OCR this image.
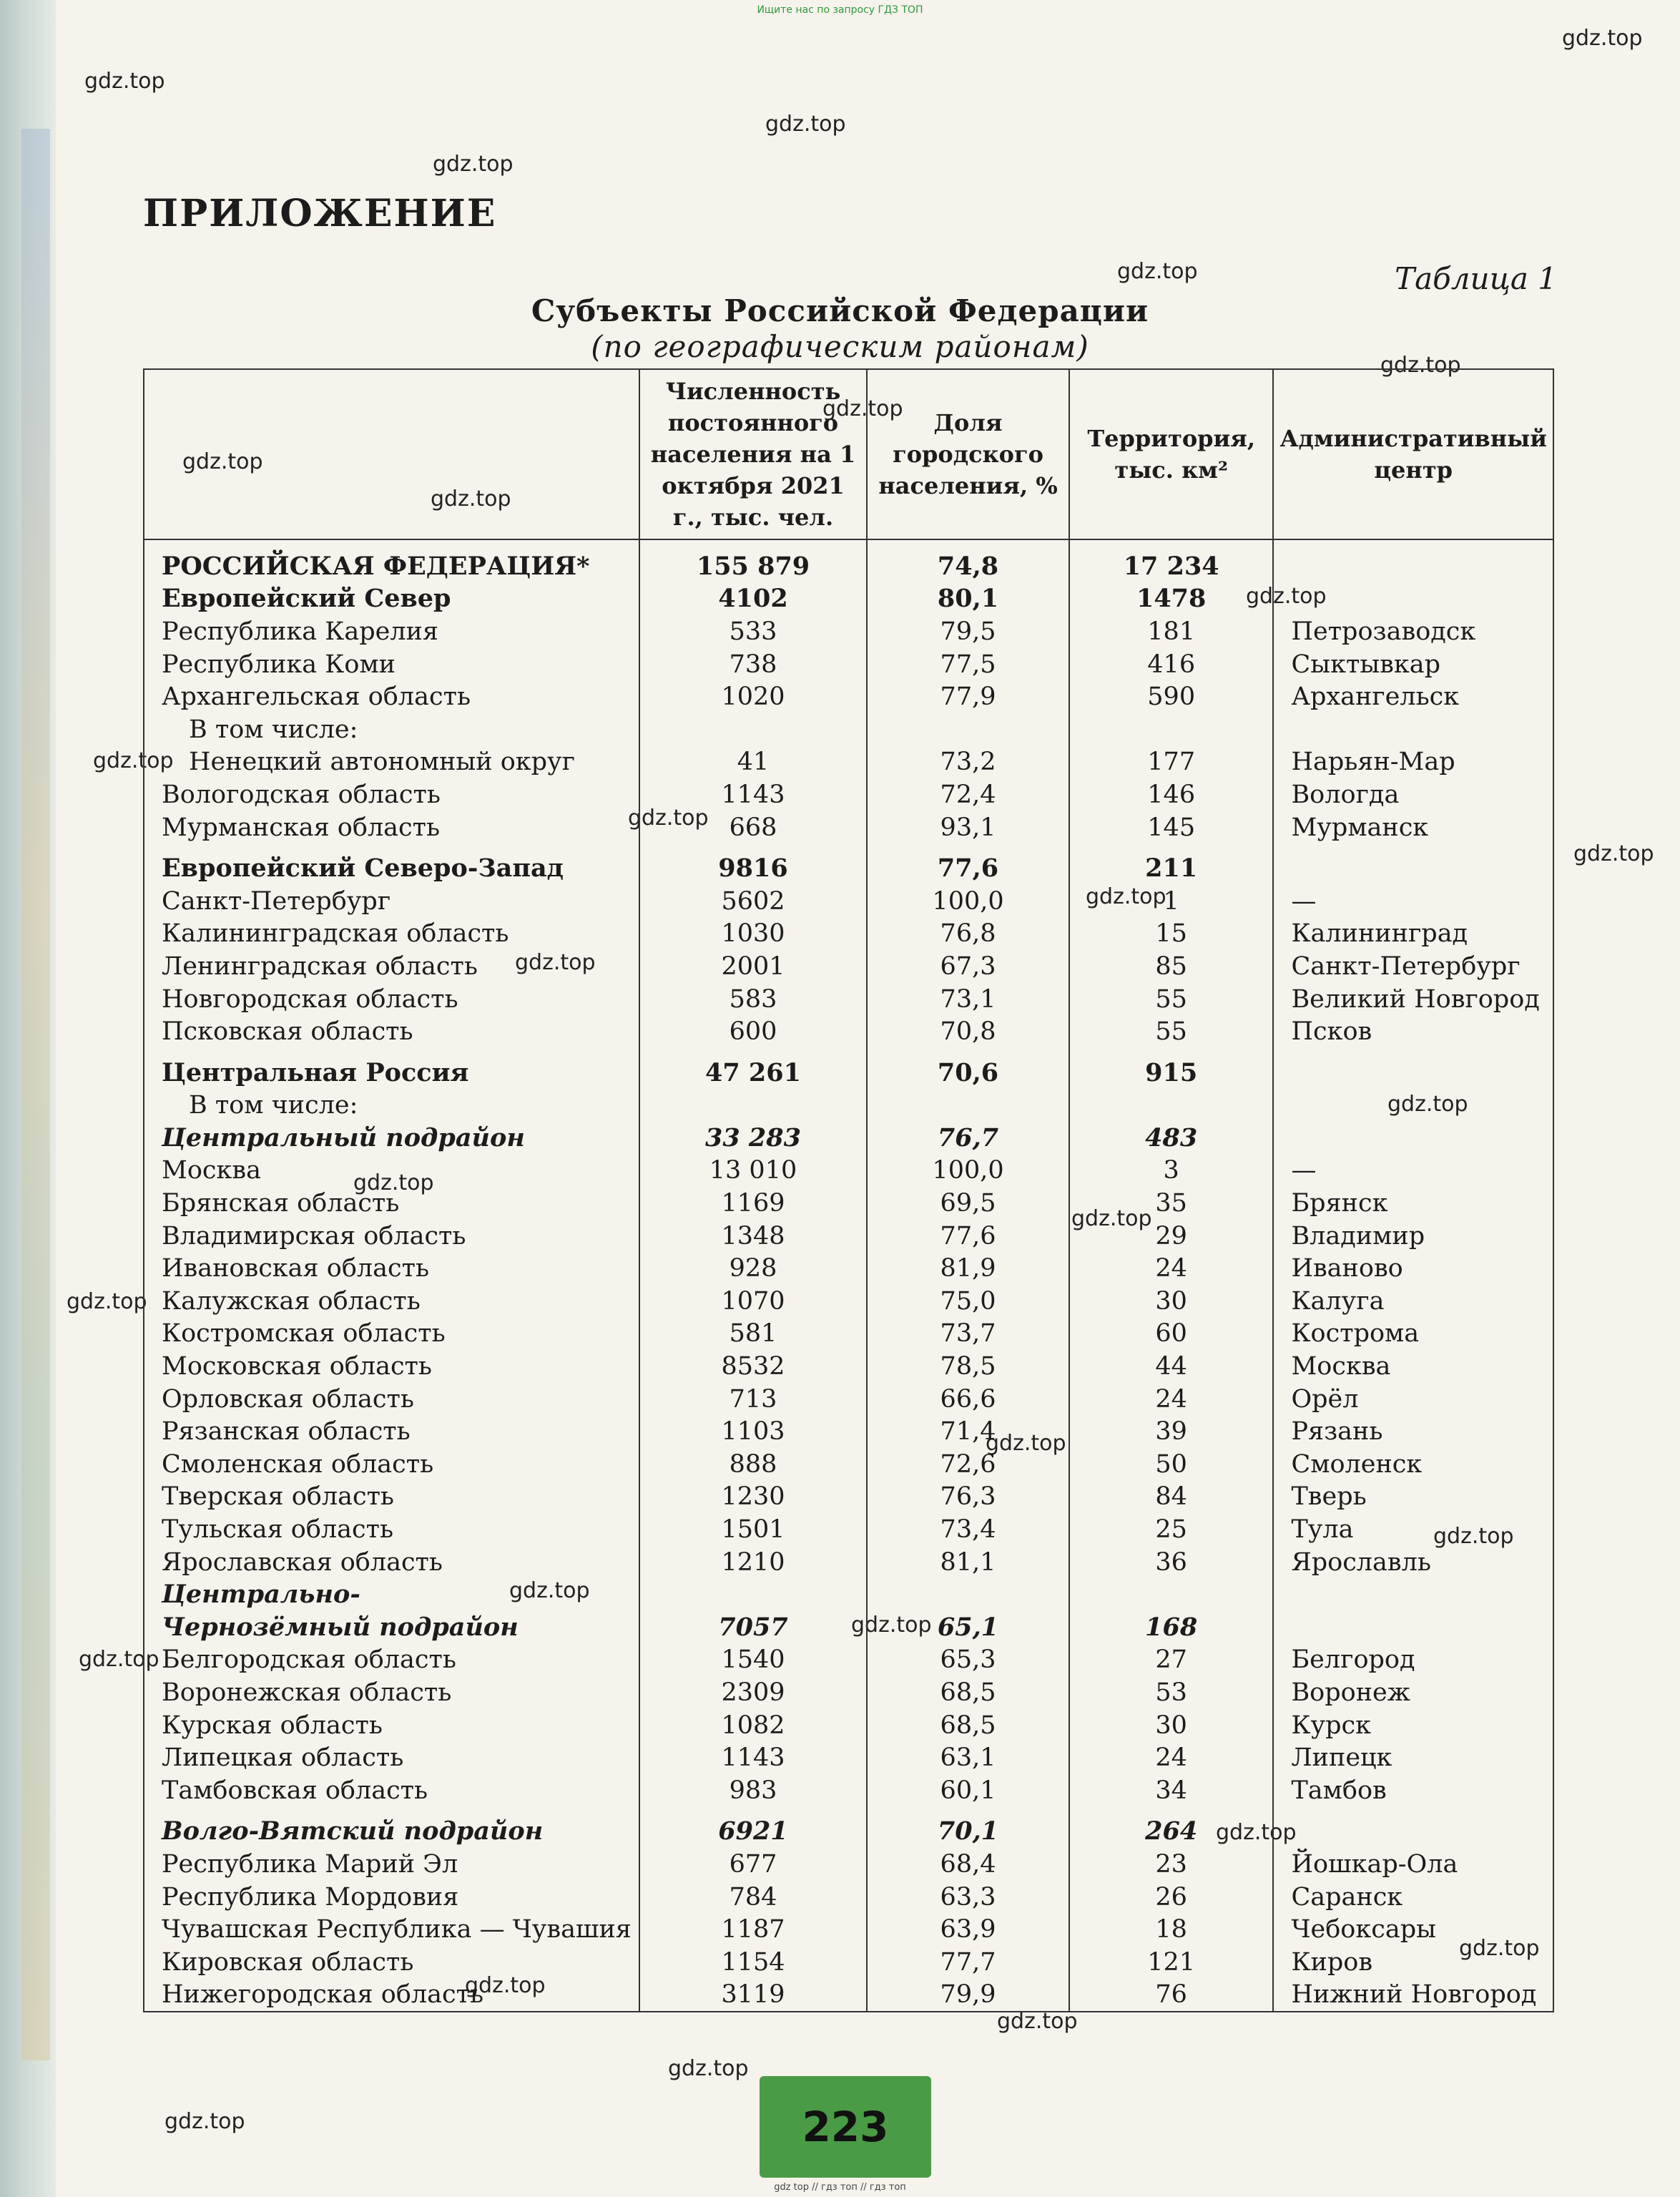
Ищите нас по запросу ГДЗ ТОП
gdz.top
gdz.top
gdz.top
gdz.top
gdz.top
gdz.top
gdz.top
gdz.top
gdz.top
gdz.top
gdz.top
gdz.top
gdz.top
gdz.top
gdz.top
gdz.top
gdz.top
gdz.top
gdz.top
gdz.top
gdz.top
gdz.top
gdz.top
gdz.top
gdz.top
gdz.top
gdz.top
gdz.top
gdz.top
gdz.top
ПРИЛОЖЕНИЕ
Таблица 1
Субъекты Российской Федерации
(по географическим районам)
	Численность постоянного населения на 1 октября 2021 г., тыс. чел.	Доля городского населения, %	Территория, тыс. км²	Административный центр
РОССИЙСКАЯ ФЕДЕРАЦИЯ*	155 879	74,8	17 234	
Европейский Север	4102	80,1	1478	
Республика Карелия	533	79,5	181	Петрозаводск
Республика Коми	738	77,5	416	Сыктывкар
Архангельская область	1020	77,9	590	Архангельск
В том числе:				
Ненецкий автономный округ	41	73,2	177	Нарьян-Мар
Вологодская область	1143	72,4	146	Вологда
Мурманская область	668	93,1	145	Мурманск
Европейский Северо-Запад	9816	77,6	211	
Санкт-Петербург	5602	100,0	1	—
Калининградская область	1030	76,8	15	Калининград
Ленинградская область	2001	67,3	85	Санкт-Петербург
Новгородская область	583	73,1	55	Великий Новгород
Псковская область	600	70,8	55	Псков
Центральная Россия	47 261	70,6	915	
В том числе:				
Центральный подрайон	33 283	76,7	483	
Москва	13 010	100,0	3	—
Брянская область	1169	69,5	35	Брянск
Владимирская область	1348	77,6	29	Владимир
Ивановская область	928	81,9	24	Иваново
Калужская область	1070	75,0	30	Калуга
Костромская область	581	73,7	60	Кострома
Московская область	8532	78,5	44	Москва
Орловская область	713	66,6	24	Орёл
Рязанская область	1103	71,4	39	Рязань
Смоленская область	888	72,6	50	Смоленск
Тверская область	1230	76,3	84	Тверь
Тульская область	1501	73,4	25	Тула
Ярославская область	1210	81,1	36	Ярославль
Центрально-				
Чернозёмный подрайон	7057	65,1	168	
Белгородская область	1540	65,3	27	Белгород
Воронежская область	2309	68,5	53	Воронеж
Курская область	1082	68,5	30	Курск
Липецкая область	1143	63,1	24	Липецк
Тамбовская область	983	60,1	34	Тамбов
Волго-Вятский подрайон	6921	70,1	264	
Республика Марий Эл	677	68,4	23	Йошкар-Ола
Республика Мордовия	784	63,3	26	Саранск
Чувашская Республика — Чувашия	1187	63,9	18	Чебоксары
Кировская область	1154	77,7	121	Киров
Нижегородская область	3119	79,9	76	Нижний Новгород
223
gdz top // гдз топ // гдз топ
